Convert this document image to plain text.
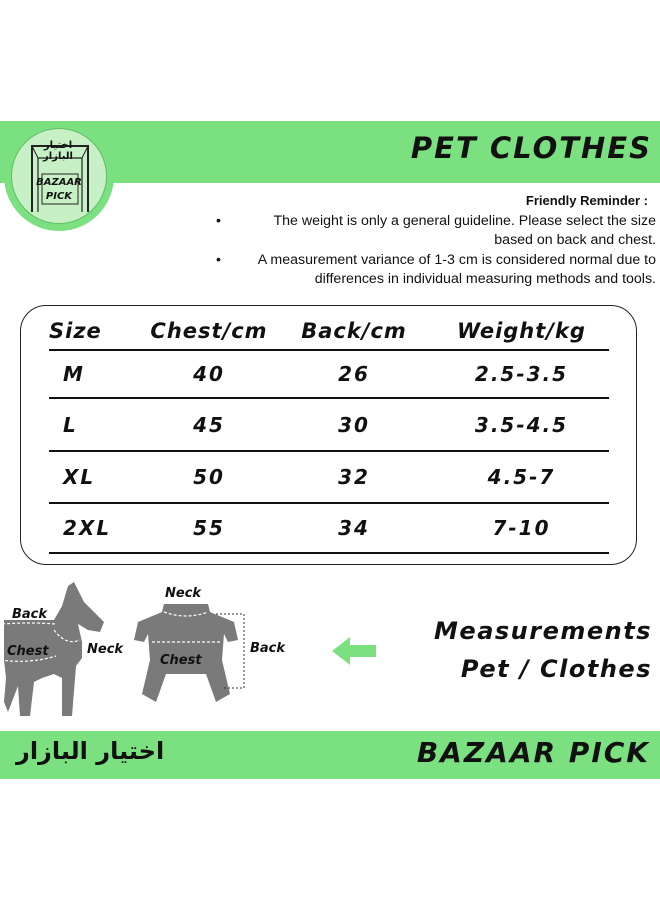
PET CLOTHES
اختيار البازار
BAZAAR
PICK	Friendly Reminder :
•	The weight is only a general guideline. Please select the size based on back and chest.
•	A measurement variance of 1-3 cm is considered normal due to differences in individual measuring methods and tools.
Size	Chest/cm	Back/cm	Weight/kg
M	40	26	2.5-3.5
L	45	30	3.5-4.5
XL	50	32	4.5-7
2XL	55	34	7-10
Back
Chest	Neck
Neck
Chest
Back
Measurements
Pet / Clothes
اختيار البازار	BAZAAR PICK
